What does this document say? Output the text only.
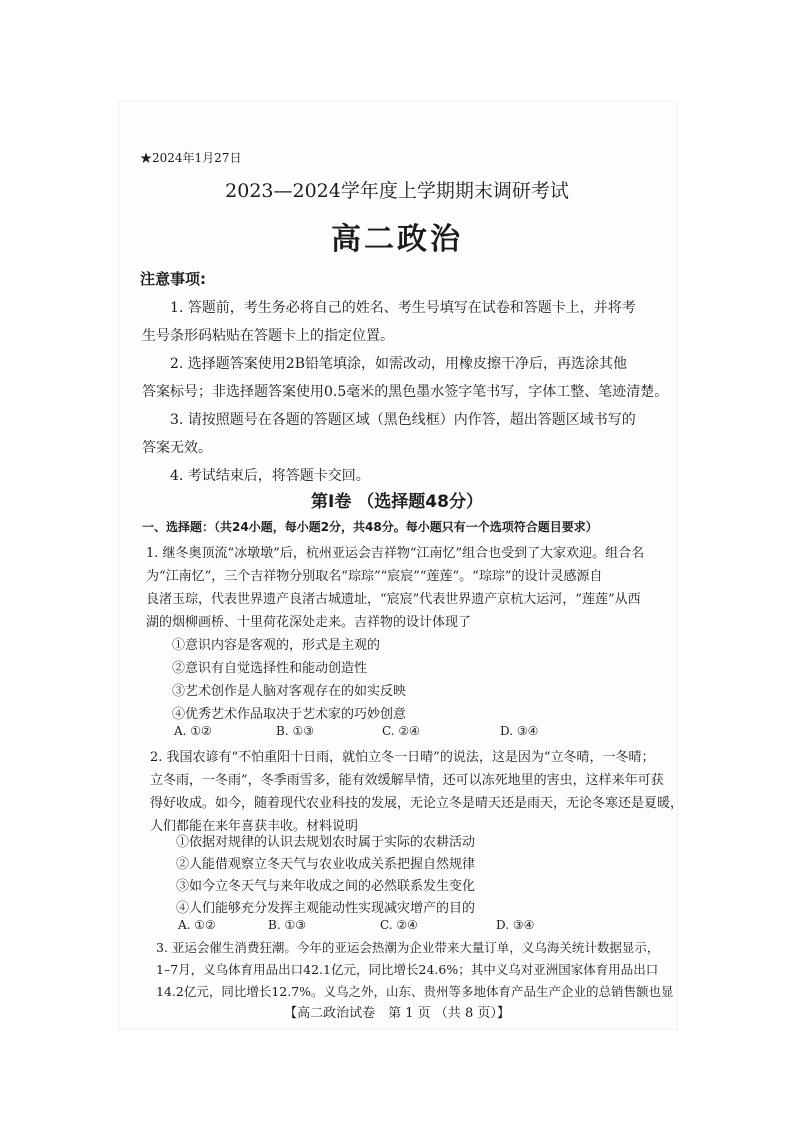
★2024年1月27日
2023—2024学年度上学期期末调研考试
高二政治
注意事项:
1. 答题前，考生务必将自己的姓名、考生号填写在试卷和答题卡上，并将考
生号条形码粘贴在答题卡上的指定位置。
2. 选择题答案使用2B铅笔填涂，如需改动，用橡皮擦干净后，再选涂其他
答案标号；非选择题答案使用0.5毫米的黑色墨水签字笔书写，字体工整、笔迹清楚。
3. 请按照题号在各题的答题区域（黑色线框）内作答，超出答题区域书写的
答案无效。
4. 考试结束后，将答题卡交回。
第Ⅰ卷 （选择题48分）
一、选择题：（共24小题，每小题2分，共48分。每小题只有一个选项符合题目要求）
1. 继冬奥顶流“冰墩墩”后，杭州亚运会吉祥物“江南忆”组合也受到了大家欢迎。组合名
为“江南忆”，三个吉祥物分别取名“琮琮”“宸宸”“莲莲”。“琮琮”的设计灵感源自
良渚玉琮，代表世界遗产良渚古城遗址，“宸宸”代表世界遗产京杭大运河，“莲莲”从西
湖的烟柳画桥、十里荷花深处走来。吉祥物的设计体现了
①意识内容是客观的，形式是主观的
②意识有自觉选择性和能动创造性
③艺术创作是人脑对客观存在的如实反映
④优秀艺术作品取决于艺术家的巧妙创意
A. ①②	B. ①③	C. ②④	D. ③④
2. 我国农谚有“不怕重阳十日雨，就怕立冬一日晴”的说法，这是因为“立冬晴，一冬晴；
立冬雨，一冬雨”，冬季雨雪多，能有效缓解旱情，还可以冻死地里的害虫，这样来年可获
得好收成。如今，随着现代农业科技的发展，无论立冬是晴天还是雨天，无论冬寒还是夏暖，
人们都能在来年喜获丰收。材料说明
①依据对规律的认识去规划农时属于实际的农耕活动
②人能借观察立冬天气与农业收成关系把握自然规律
③如今立冬天气与来年收成之间的必然联系发生变化
④人们能够充分发挥主观能动性实现减灾增产的目的
A. ①②	B. ①③	C. ②④	D. ③④
3. 亚运会催生消费狂潮。今年的亚运会热潮为企业带来大量订单，义乌海关统计数据显示，
1–7月，义乌体育用品出口42.1亿元，同比增长24.6%；其中义乌对亚洲国家体育用品出口
14.2亿元，同比增长12.7%。义乌之外，山东、贵州等多地体育产品生产企业的总销售额也显
【高二政治试卷　第 1 页 （共 8 页）】
